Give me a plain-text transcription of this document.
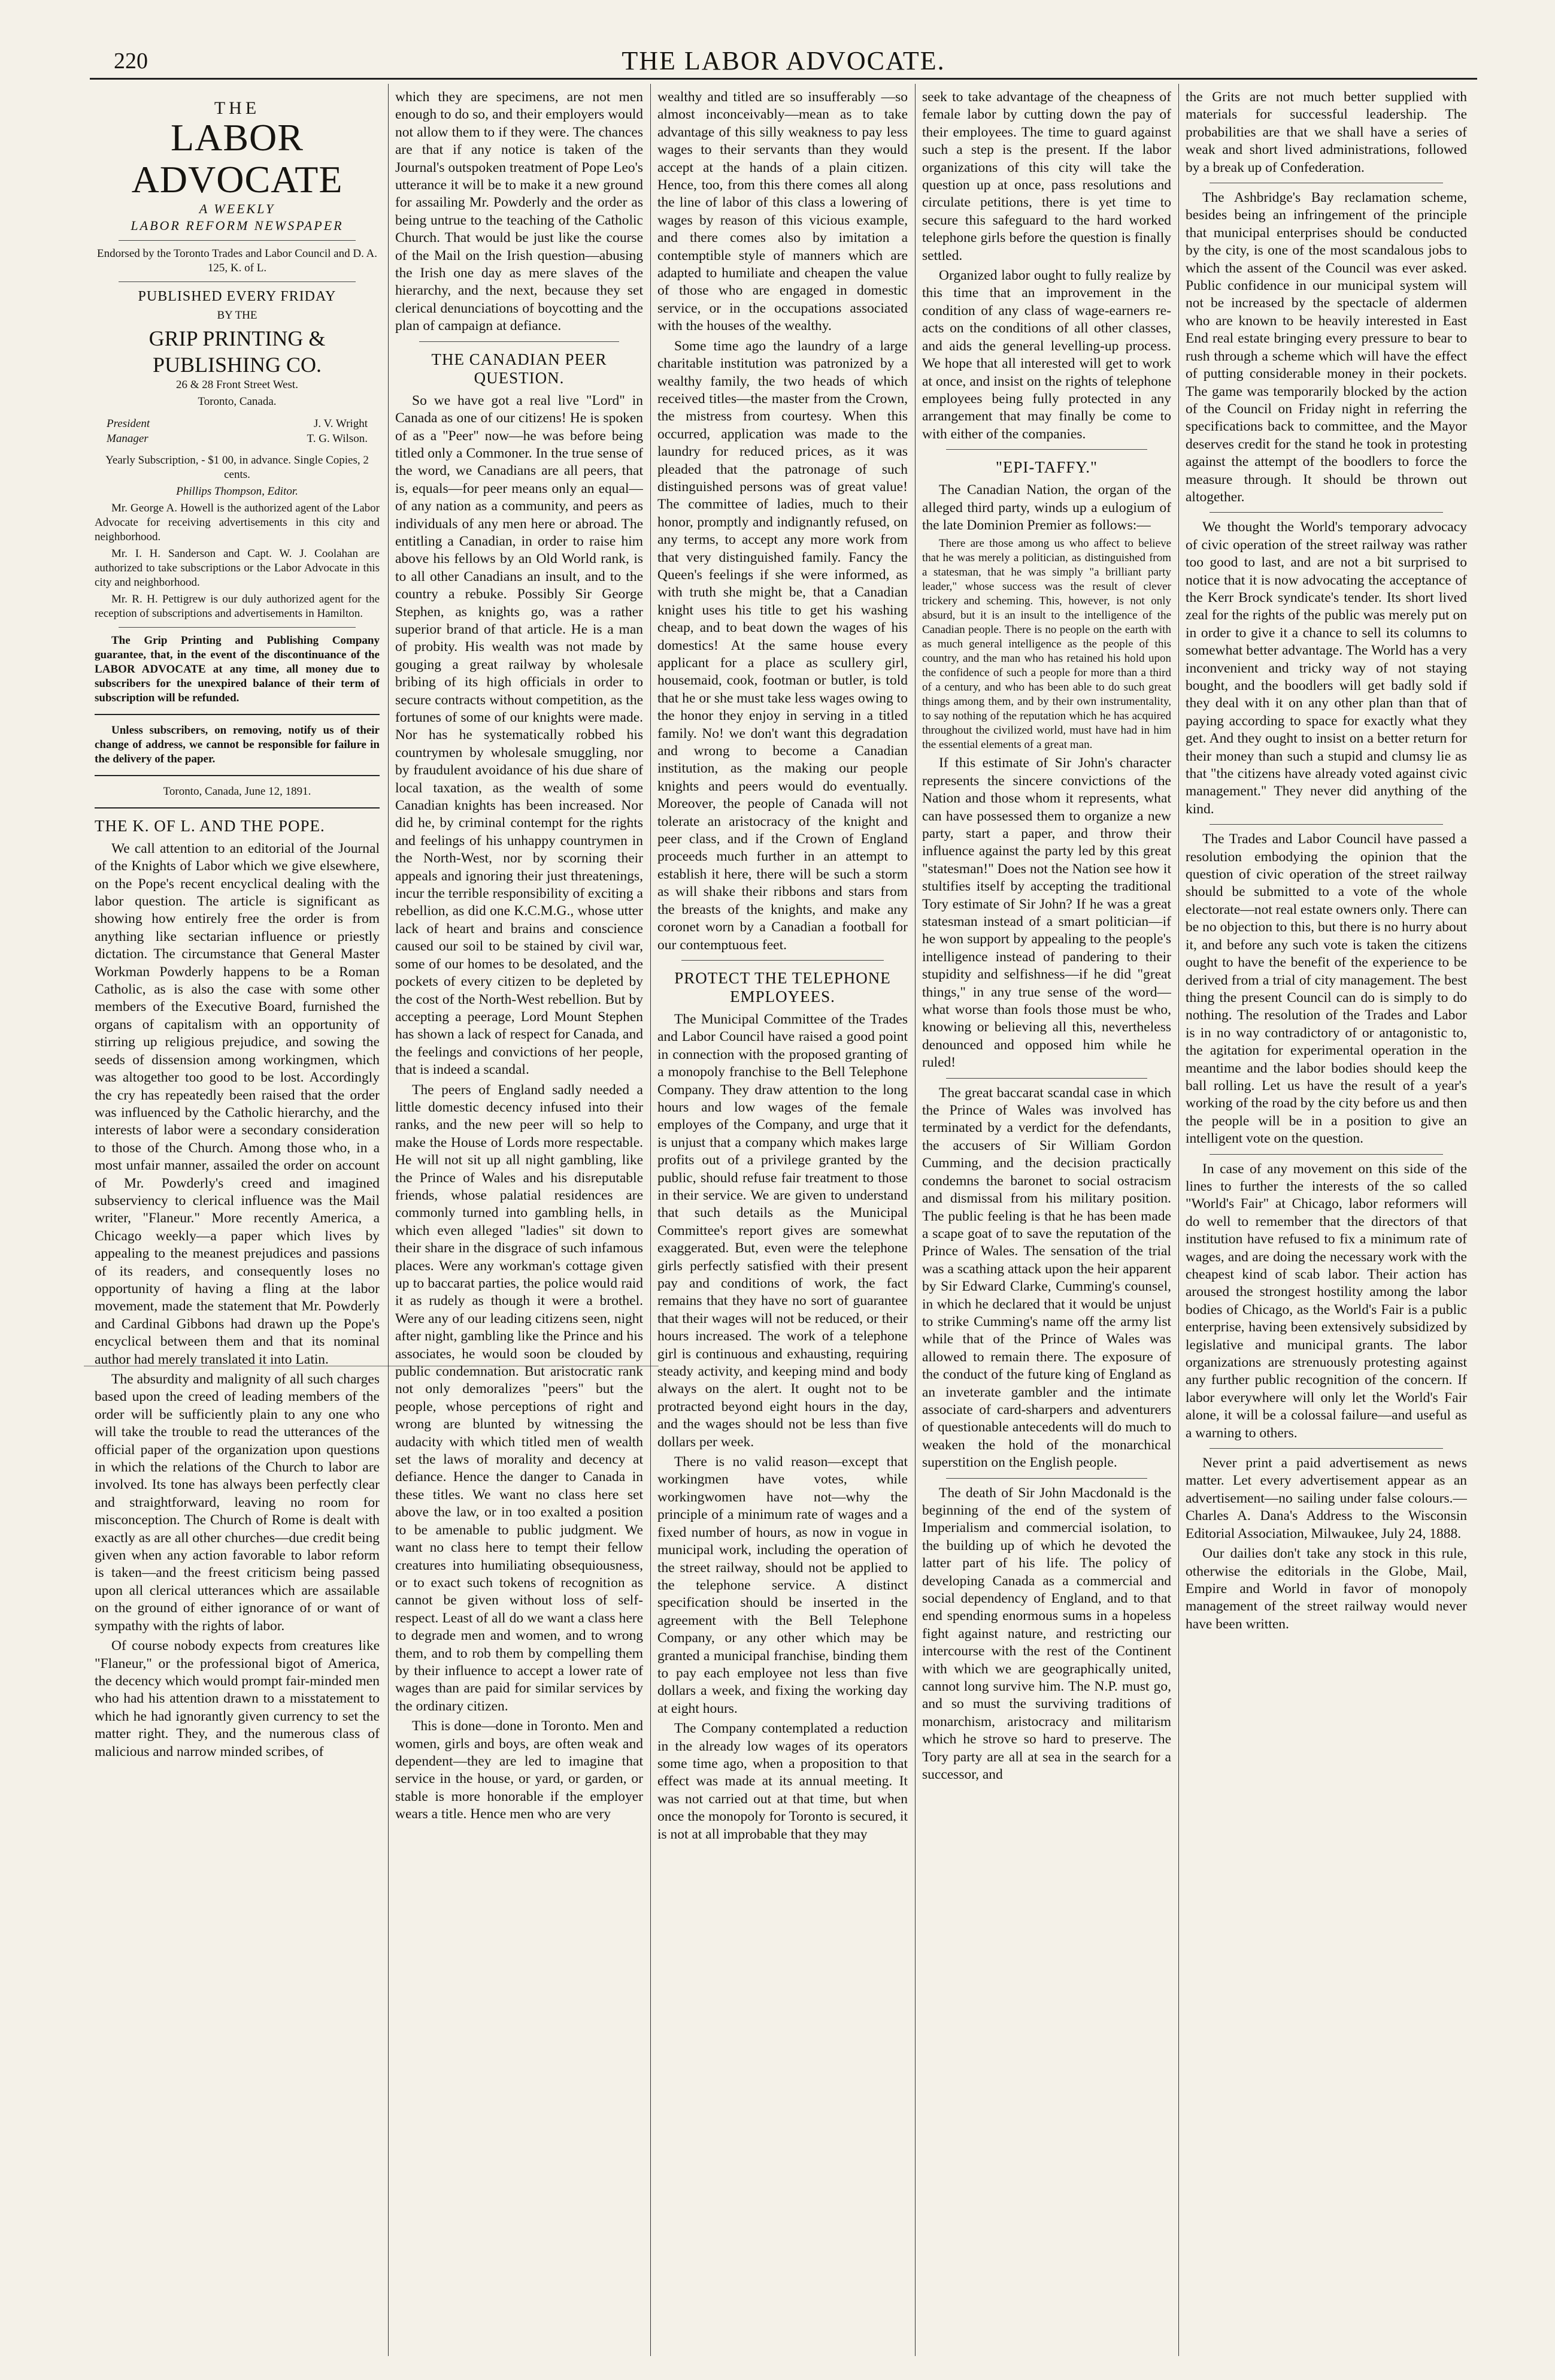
220	THE LABOR ADVOCATE.
THE
LABOR ADVOCATE
A WEEKLY
LABOR REFORM NEWSPAPER

Endorsed by the Toronto Trades and Labor Council and D. A. 125, K. of L.

PUBLISHED EVERY FRIDAY

BY THE

GRIP PRINTING & PUBLISHING CO.

26 & 28 Front Street West.

Toronto, Canada.

President	J. V. Wright
Manager	T. G. Wilson.

Yearly Subscription, - $1 00, in advance. Single Copies, 2 cents.

Phillips Thompson, Editor.

Mr. George A. Howell is the authorized agent of the Labor Advocate for receiving advertisements in this city and neighborhood.

Mr. I. H. Sanderson and Capt. W. J. Coolahan are authorized to take subscriptions or the Labor Advocate in this city and neighborhood.

Mr. R. H. Pettigrew is our duly authorized agent for the reception of subscriptions and advertisements in Hamilton.

The Grip Printing and Publishing Company guarantee, that, in the event of the discontinuance of the LABOR ADVOCATE at any time, all money due to subscribers for the unexpired balance of their term of subscription will be refunded.

Unless subscribers, on removing, notify us of their change of address, we cannot be responsible for failure in the delivery of the paper.

Toronto, Canada, June 12, 1891.

THE K. OF L. AND THE POPE.

We call attention to an editorial of the Journal of the Knights of Labor which we give elsewhere, on the Pope's recent encyclical dealing with the labor question. The article is significant as showing how entirely free the order is from anything like sectarian influence or priestly dictation. The circumstance that General Master Workman Powderly happens to be a Roman Catholic, as is also the case with some other members of the Executive Board, furnished the organs of capitalism with an opportunity of stirring up religious prejudice, and sowing the seeds of dissension among workingmen, which was altogether too good to be lost. Accordingly the cry has repeatedly been raised that the order was influenced by the Catholic hierarchy, and the interests of labor were a secondary consideration to those of the Church. Among those who, in a most unfair manner, assailed the order on account of Mr. Powderly's creed and imagined subserviency to clerical influence was the Mail writer, "Flaneur." More recently America, a Chicago weekly—a paper which lives by appealing to the meanest prejudices and passions of its readers, and consequently loses no opportunity of having a fling at the labor movement, made the statement that Mr. Powderly and Cardinal Gibbons had drawn up the Pope's encyclical between them and that its nominal author had merely translated it into Latin.

The absurdity and malignity of all such charges based upon the creed of leading members of the order will be sufficiently plain to any one who will take the trouble to read the utterances of the official paper of the organization upon questions in which the relations of the Church to labor are involved. Its tone has always been perfectly clear and straightforward, leaving no room for misconception. The Church of Rome is dealt with exactly as are all other churches—due credit being given when any action favorable to labor reform is taken—and the freest criticism being passed upon all clerical utterances which are assailable on the ground of either ignorance of or want of sympathy with the rights of labor.

Of course nobody expects from creatures like "Flaneur," or the professional bigot of America, the decency which would prompt fair-minded men who had his attention drawn to a misstatement to which he had ignorantly given currency to set the matter right. They, and the numerous class of malicious and narrow minded scribes, of

which they are specimens, are not men enough to do so, and their employers would not allow them to if they were. The chances are that if any notice is taken of the Journal's outspoken treatment of Pope Leo's utterance it will be to make it a new ground for assailing Mr. Powderly and the order as being untrue to the teaching of the Catholic Church. That would be just like the course of the Mail on the Irish question—abusing the Irish one day as mere slaves of the hierarchy, and the next, because they set clerical denunciations of boycotting and the plan of campaign at defiance.

THE CANADIAN PEER QUESTION.

So we have got a real live "Lord" in Canada as one of our citizens! He is spoken of as a "Peer" now—he was before being titled only a Commoner. In the true sense of the word, we Canadians are all peers, that is, equals—for peer means only an equal—of any nation as a community, and peers as individuals of any men here or abroad. The entitling a Canadian, in order to raise him above his fellows by an Old World rank, is to all other Canadians an insult, and to the country a rebuke. Possibly Sir George Stephen, as knights go, was a rather superior brand of that article. He is a man of probity. His wealth was not made by gouging a great railway by wholesale bribing of its high officials in order to secure contracts without competition, as the fortunes of some of our knights were made. Nor has he systematically robbed his countrymen by wholesale smuggling, nor by fraudulent avoidance of his due share of local taxation, as the wealth of some Canadian knights has been increased. Nor did he, by criminal contempt for the rights and feelings of his unhappy countrymen in the North-West, nor by scorning their appeals and ignoring their just threatenings, incur the terrible responsibility of exciting a rebellion, as did one K.C.M.G., whose utter lack of heart and brains and conscience caused our soil to be stained by civil war, some of our homes to be desolated, and the pockets of every citizen to be depleted by the cost of the North-West rebellion. But by accepting a peerage, Lord Mount Stephen has shown a lack of respect for Canada, and the feelings and convictions of her people, that is indeed a scandal.

The peers of England sadly needed a little domestic decency infused into their ranks, and the new peer will so help to make the House of Lords more respectable. He will not sit up all night gambling, like the Prince of Wales and his disreputable friends, whose palatial residences are commonly turned into gambling hells, in which even alleged "ladies" sit down to their share in the disgrace of such infamous places. Were any workman's cottage given up to baccarat parties, the police would raid it as rudely as though it were a brothel. Were any of our leading citizens seen, night after night, gambling like the Prince and his associates, he would soon be clouded by public condemnation. But aristocratic rank not only demoralizes "peers" but the people, whose perceptions of right and wrong are blunted by witnessing the audacity with which titled men of wealth set the laws of morality and decency at defiance. Hence the danger to Canada in these titles. We want no class here set above the law, or in too exalted a position to be amenable to public judgment. We want no class here to tempt their fellow creatures into humiliating obsequiousness, or to exact such tokens of recognition as cannot be given without loss of self-respect. Least of all do we want a class here to degrade men and women, and to wrong them, and to rob them by compelling them by their influence to accept a lower rate of wages than are paid for similar services by the ordinary citizen.

This is done—done in Toronto. Men and women, girls and boys, are often weak and dependent—they are led to imagine that service in the house, or yard, or garden, or stable is more honorable if the employer wears a title. Hence men who are very

wealthy and titled are so insufferably —so almost inconceivably—mean as to take advantage of this silly weakness to pay less wages to their servants than they would accept at the hands of a plain citizen. Hence, too, from this there comes all along the line of labor of this class a lowering of wages by reason of this vicious example, and there comes also by imitation a contemptible style of manners which are adapted to humiliate and cheapen the value of those who are engaged in domestic service, or in the occupations associated with the houses of the wealthy.

Some time ago the laundry of a large charitable institution was patronized by a wealthy family, the two heads of which received titles—the master from the Crown, the mistress from courtesy. When this occurred, application was made to the laundry for reduced prices, as it was pleaded that the patronage of such distinguished persons was of great value! The committee of ladies, much to their honor, promptly and indignantly refused, on any terms, to accept any more work from that very distinguished family. Fancy the Queen's feelings if she were informed, as with truth she might be, that a Canadian knight uses his title to get his washing cheap, and to beat down the wages of his domestics! At the same house every applicant for a place as scullery girl, housemaid, cook, footman or butler, is told that he or she must take less wages owing to the honor they enjoy in serving in a titled family. No! we don't want this degradation and wrong to become a Canadian institution, as the making our people knights and peers would do eventually. Moreover, the people of Canada will not tolerate an aristocracy of the knight and peer class, and if the Crown of England proceeds much further in an attempt to establish it here, there will be such a storm as will shake their ribbons and stars from the breasts of the knights, and make any coronet worn by a Canadian a football for our contemptuous feet.

PROTECT THE TELEPHONE EMPLOYEES.

The Municipal Committee of the Trades and Labor Council have raised a good point in connection with the proposed granting of a monopoly franchise to the Bell Telephone Company. They draw attention to the long hours and low wages of the female employes of the Company, and urge that it is unjust that a company which makes large profits out of a privilege granted by the public, should refuse fair treatment to those in their service. We are given to understand that such details as the Municipal Committee's report gives are somewhat exaggerated. But, even were the telephone girls perfectly satisfied with their present pay and conditions of work, the fact remains that they have no sort of guarantee that their wages will not be reduced, or their hours increased. The work of a telephone girl is continuous and exhausting, requiring steady activity, and keeping mind and body always on the alert. It ought not to be protracted beyond eight hours in the day, and the wages should not be less than five dollars per week.

There is no valid reason—except that workingmen have votes, while workingwomen have not—why the principle of a minimum rate of wages and a fixed number of hours, as now in vogue in municipal work, including the operation of the street railway, should not be applied to the telephone service. A distinct specification should be inserted in the agreement with the Bell Telephone Company, or any other which may be granted a municipal franchise, binding them to pay each employee not less than five dollars a week, and fixing the working day at eight hours.

The Company contemplated a reduction in the already low wages of its operators some time ago, when a proposition to that effect was made at its annual meeting. It was not carried out at that time, but when once the monopoly for Toronto is secured, it is not at all improbable that they may

seek to take advantage of the cheapness of female labor by cutting down the pay of their employees. The time to guard against such a step is the present. If the labor organizations of this city will take the question up at once, pass resolutions and circulate petitions, there is yet time to secure this safeguard to the hard worked telephone girls before the question is finally settled.

Organized labor ought to fully realize by this time that an improvement in the condition of any class of wage-earners re-acts on the conditions of all other classes, and aids the general levelling-up process. We hope that all interested will get to work at once, and insist on the rights of telephone employees being fully protected in any arrangement that may finally be come to with either of the companies.

"EPI-TAFFY."

The Canadian Nation, the organ of the alleged third party, winds up a eulogium of the late Dominion Premier as follows:—

There are those among us who affect to believe that he was merely a politician, as distinguished from a statesman, that he was simply "a brilliant party leader," whose success was the result of clever trickery and scheming. This, however, is not only absurd, but it is an insult to the intelligence of the Canadian people. There is no people on the earth with as much general intelligence as the people of this country, and the man who has retained his hold upon the confidence of such a people for more than a third of a century, and who has been able to do such great things among them, and by their own instrumentality, to say nothing of the reputation which he has acquired throughout the civilized world, must have had in him the essential elements of a great man.

If this estimate of Sir John's character represents the sincere convictions of the Nation and those whom it represents, what can have possessed them to organize a new party, start a paper, and throw their influence against the party led by this great "statesman!" Does not the Nation see how it stultifies itself by accepting the traditional Tory estimate of Sir John? If he was a great statesman instead of a smart politician—if he won support by appealing to the people's intelligence instead of pandering to their stupidity and selfishness—if he did "great things," in any true sense of the word—what worse than fools those must be who, knowing or believing all this, nevertheless denounced and opposed him while he ruled!

The great baccarat scandal case in which the Prince of Wales was involved has terminated by a verdict for the defendants, the accusers of Sir William Gordon Cumming, and the decision practically condemns the baronet to social ostracism and dismissal from his military position. The public feeling is that he has been made a scape goat of to save the reputation of the Prince of Wales. The sensation of the trial was a scathing attack upon the heir apparent by Sir Edward Clarke, Cumming's counsel, in which he declared that it would be unjust to strike Cumming's name off the army list while that of the Prince of Wales was allowed to remain there. The exposure of the conduct of the future king of England as an inveterate gambler and the intimate associate of card-sharpers and adventurers of questionable antecedents will do much to weaken the hold of the monarchical superstition on the English people.

The death of Sir John Macdonald is the beginning of the end of the system of Imperialism and commercial isolation, to the building up of which he devoted the latter part of his life. The policy of developing Canada as a commercial and social dependency of England, and to that end spending enormous sums in a hopeless fight against nature, and restricting our intercourse with the rest of the Continent with which we are geographically united, cannot long survive him. The N.P. must go, and so must the surviving traditions of monarchism, aristocracy and militarism which he strove so hard to preserve. The Tory party are all at sea in the search for a successor, and

the Grits are not much better supplied with materials for successful leadership. The probabilities are that we shall have a series of weak and short lived administrations, followed by a break up of Confederation.

The Ashbridge's Bay reclamation scheme, besides being an infringement of the principle that municipal enterprises should be conducted by the city, is one of the most scandalous jobs to which the assent of the Council was ever asked. Public confidence in our municipal system will not be increased by the spectacle of aldermen who are known to be heavily interested in East End real estate bringing every pressure to bear to rush through a scheme which will have the effect of putting considerable money in their pockets. The game was temporarily blocked by the action of the Council on Friday night in referring the specifications back to committee, and the Mayor deserves credit for the stand he took in protesting against the attempt of the boodlers to force the measure through. It should be thrown out altogether.

We thought the World's temporary advocacy of civic operation of the street railway was rather too good to last, and are not a bit surprised to notice that it is now advocating the acceptance of the Kerr Brock syndicate's tender. Its short lived zeal for the rights of the public was merely put on in order to give it a chance to sell its columns to somewhat better advantage. The World has a very inconvenient and tricky way of not staying bought, and the boodlers will get badly sold if they deal with it on any other plan than that of paying according to space for exactly what they get. And they ought to insist on a better return for their money than such a stupid and clumsy lie as that "the citizens have already voted against civic management." They never did anything of the kind.

The Trades and Labor Council have passed a resolution embodying the opinion that the question of civic operation of the street railway should be submitted to a vote of the whole electorate—not real estate owners only. There can be no objection to this, but there is no hurry about it, and before any such vote is taken the citizens ought to have the benefit of the experience to be derived from a trial of city management. The best thing the present Council can do is simply to do nothing. The resolution of the Trades and Labor is in no way contradictory of or antagonistic to, the agitation for experimental operation in the meantime and the labor bodies should keep the ball rolling. Let us have the result of a year's working of the road by the city before us and then the people will be in a position to give an intelligent vote on the question.

In case of any movement on this side of the lines to further the interests of the so called "World's Fair" at Chicago, labor reformers will do well to remember that the directors of that institution have refused to fix a minimum rate of wages, and are doing the necessary work with the cheapest kind of scab labor. Their action has aroused the strongest hostility among the labor bodies of Chicago, as the World's Fair is a public enterprise, having been extensively subsidized by legislative and municipal grants. The labor organizations are strenuously protesting against any further public recognition of the concern. If labor everywhere will only let the World's Fair alone, it will be a colossal failure—and useful as a warning to others.

Never print a paid advertisement as news matter. Let every advertisement appear as an advertisement—no sailing under false colours.—Charles A. Dana's Address to the Wisconsin Editorial Association, Milwaukee, July 24, 1888.

Our dailies don't take any stock in this rule, otherwise the editorials in the Globe, Mail, Empire and World in favor of monopoly management of the street railway would never have been written.
